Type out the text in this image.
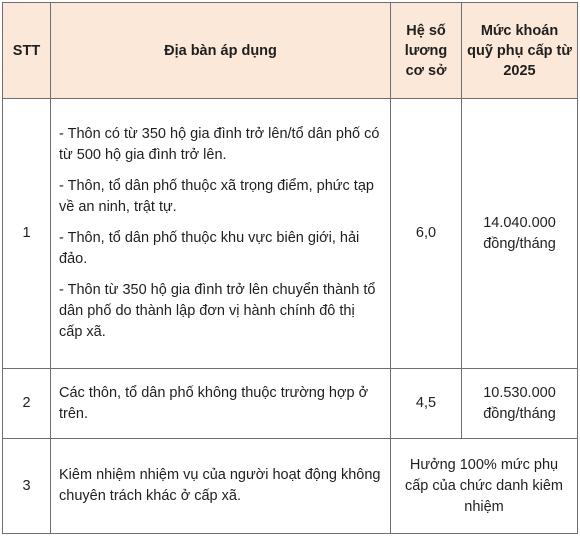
STT	Địa bàn áp dụng	Hệ số lương cơ sở	Mức khoán quỹ phụ cấp từ 2025
1	- Thôn có từ 350 hộ gia đình trở lên/tổ dân phố có từ 500 hộ gia đình trở lên.

- Thôn, tổ dân phố thuộc xã trọng điểm, phức tạp về an ninh, trật tự.

- Thôn, tổ dân phố thuộc khu vực biên giới, hải đảo.

- Thôn từ 350 hộ gia đình trở lên chuyển thành tổ dân phố do thành lập đơn vị hành chính đô thị cấp xã.	6,0	14.040.000 đồng/tháng
2	Các thôn, tổ dân phố không thuộc trường hợp ở trên.	4,5	10.530.000 đồng/tháng
3	Kiêm nhiệm nhiệm vụ của người hoạt động không chuyên trách khác ở cấp xã.	Hưởng 100% mức phụ cấp của chức danh kiêm nhiệm	
